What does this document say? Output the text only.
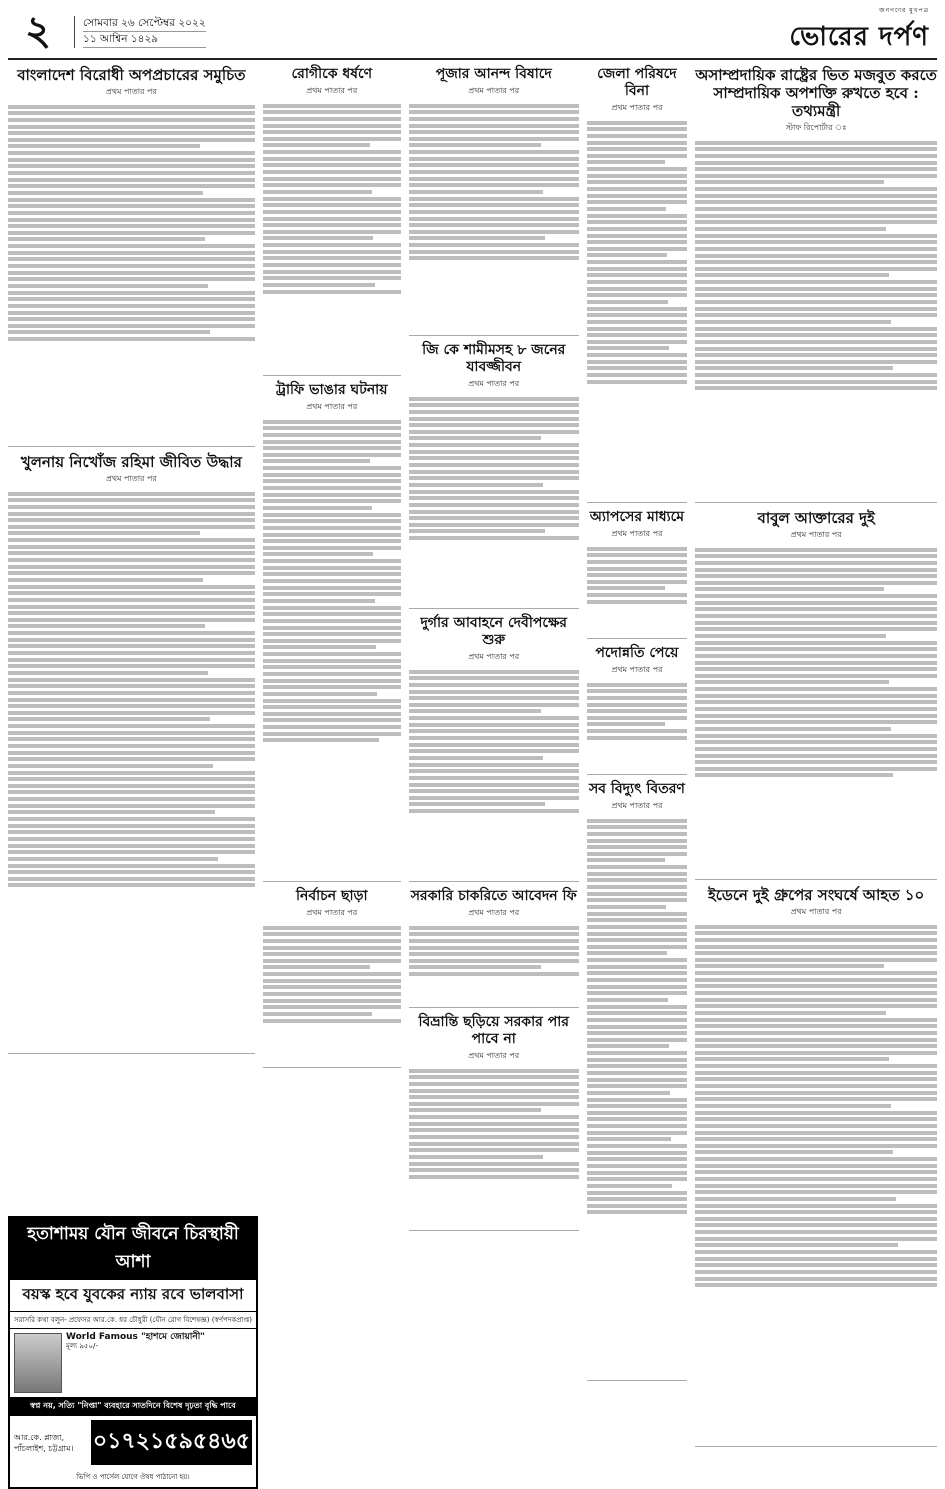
২	সোমবার ২৬ সেপ্টেম্বর ২০২২
১১ আশ্বিন ১৪২৯
জনগণের মুখপত্র
ভোরের দর্পণ
বাংলাদেশ বিরোধী অপপ্রচারের সমুচিত
প্রথম পাতার পর
খুলনায় নিখোঁজ রহিমা জীবিত উদ্ধার
প্রথম পাতার পর
রোগীকে ধর্ষণে
প্রথম পাতার পর
ট্রাফি ভাঙার ঘটনায়
প্রথম পাতার পর
নির্বাচন ছাড়া
প্রথম পাতার পর
পূজার আনন্দ বিষাদে
প্রথম পাতার পর
জি কে শামীমসহ ৮ জনের যাবজ্জীবন
প্রথম পাতার পর
দুর্গার আবাহনে দেবীপক্ষের শুরু
প্রথম পাতার পর
সরকারি চাকরিতে আবেদন ফি
প্রথম পাতার পর
বিভ্রান্তি ছড়িয়ে সরকার পার পাবে না
প্রথম পাতার পর
জেলা পরিষদে বিনা
প্রথম পাতার পর
অ্যাপসের মাধ্যমে
প্রথম পাতার পর
পদোন্নতি পেয়ে
প্রথম পাতার পর
সব বিদ্যুৎ বিতরণ
প্রথম পাতার পর
অসাম্প্রদায়িক রাষ্ট্রের ভিত মজবুত করতে সাম্প্রদায়িক অপশক্তি রুখতে হবে : তথ্যমন্ত্রী
স্টাফ রিপোর্টার ঃ
বাবুল আক্তারের দুই
প্রথম পাতার পর
ইডেনে দুই গ্রুপের সংঘর্ষে আহত ১০
প্রথম পাতার পর
হতাশাময় যৌন জীবনে চিরস্থায়ী আশা
বয়স্ক হবে যুবকের ন্যায় রবে ভালবাসা
সরাসরি কথা বলুন- প্রফেসর আর.কে. ধর চৌধুরী (যৌন রোগ বিশেষজ্ঞ) (স্বর্ণপদকপ্রাপ্ত)
World Famous "হাশমে জোয়ানী"
মূল্য ৯৫০/-
স্বপ্ন নয়, সত্যি "নিপ্তা" ব্যবহারে সাতদিনে বিশেষ দৃঢ়তা বৃদ্ধি পাবে
আর.কে. প্লাজা, পাঁচলাইশ, চট্টগ্রাম। ০১৭২১৫৯৫৪৬৫
ভিপি ও পার্সেল যোগে ঔষধ পাঠানো হয়।
